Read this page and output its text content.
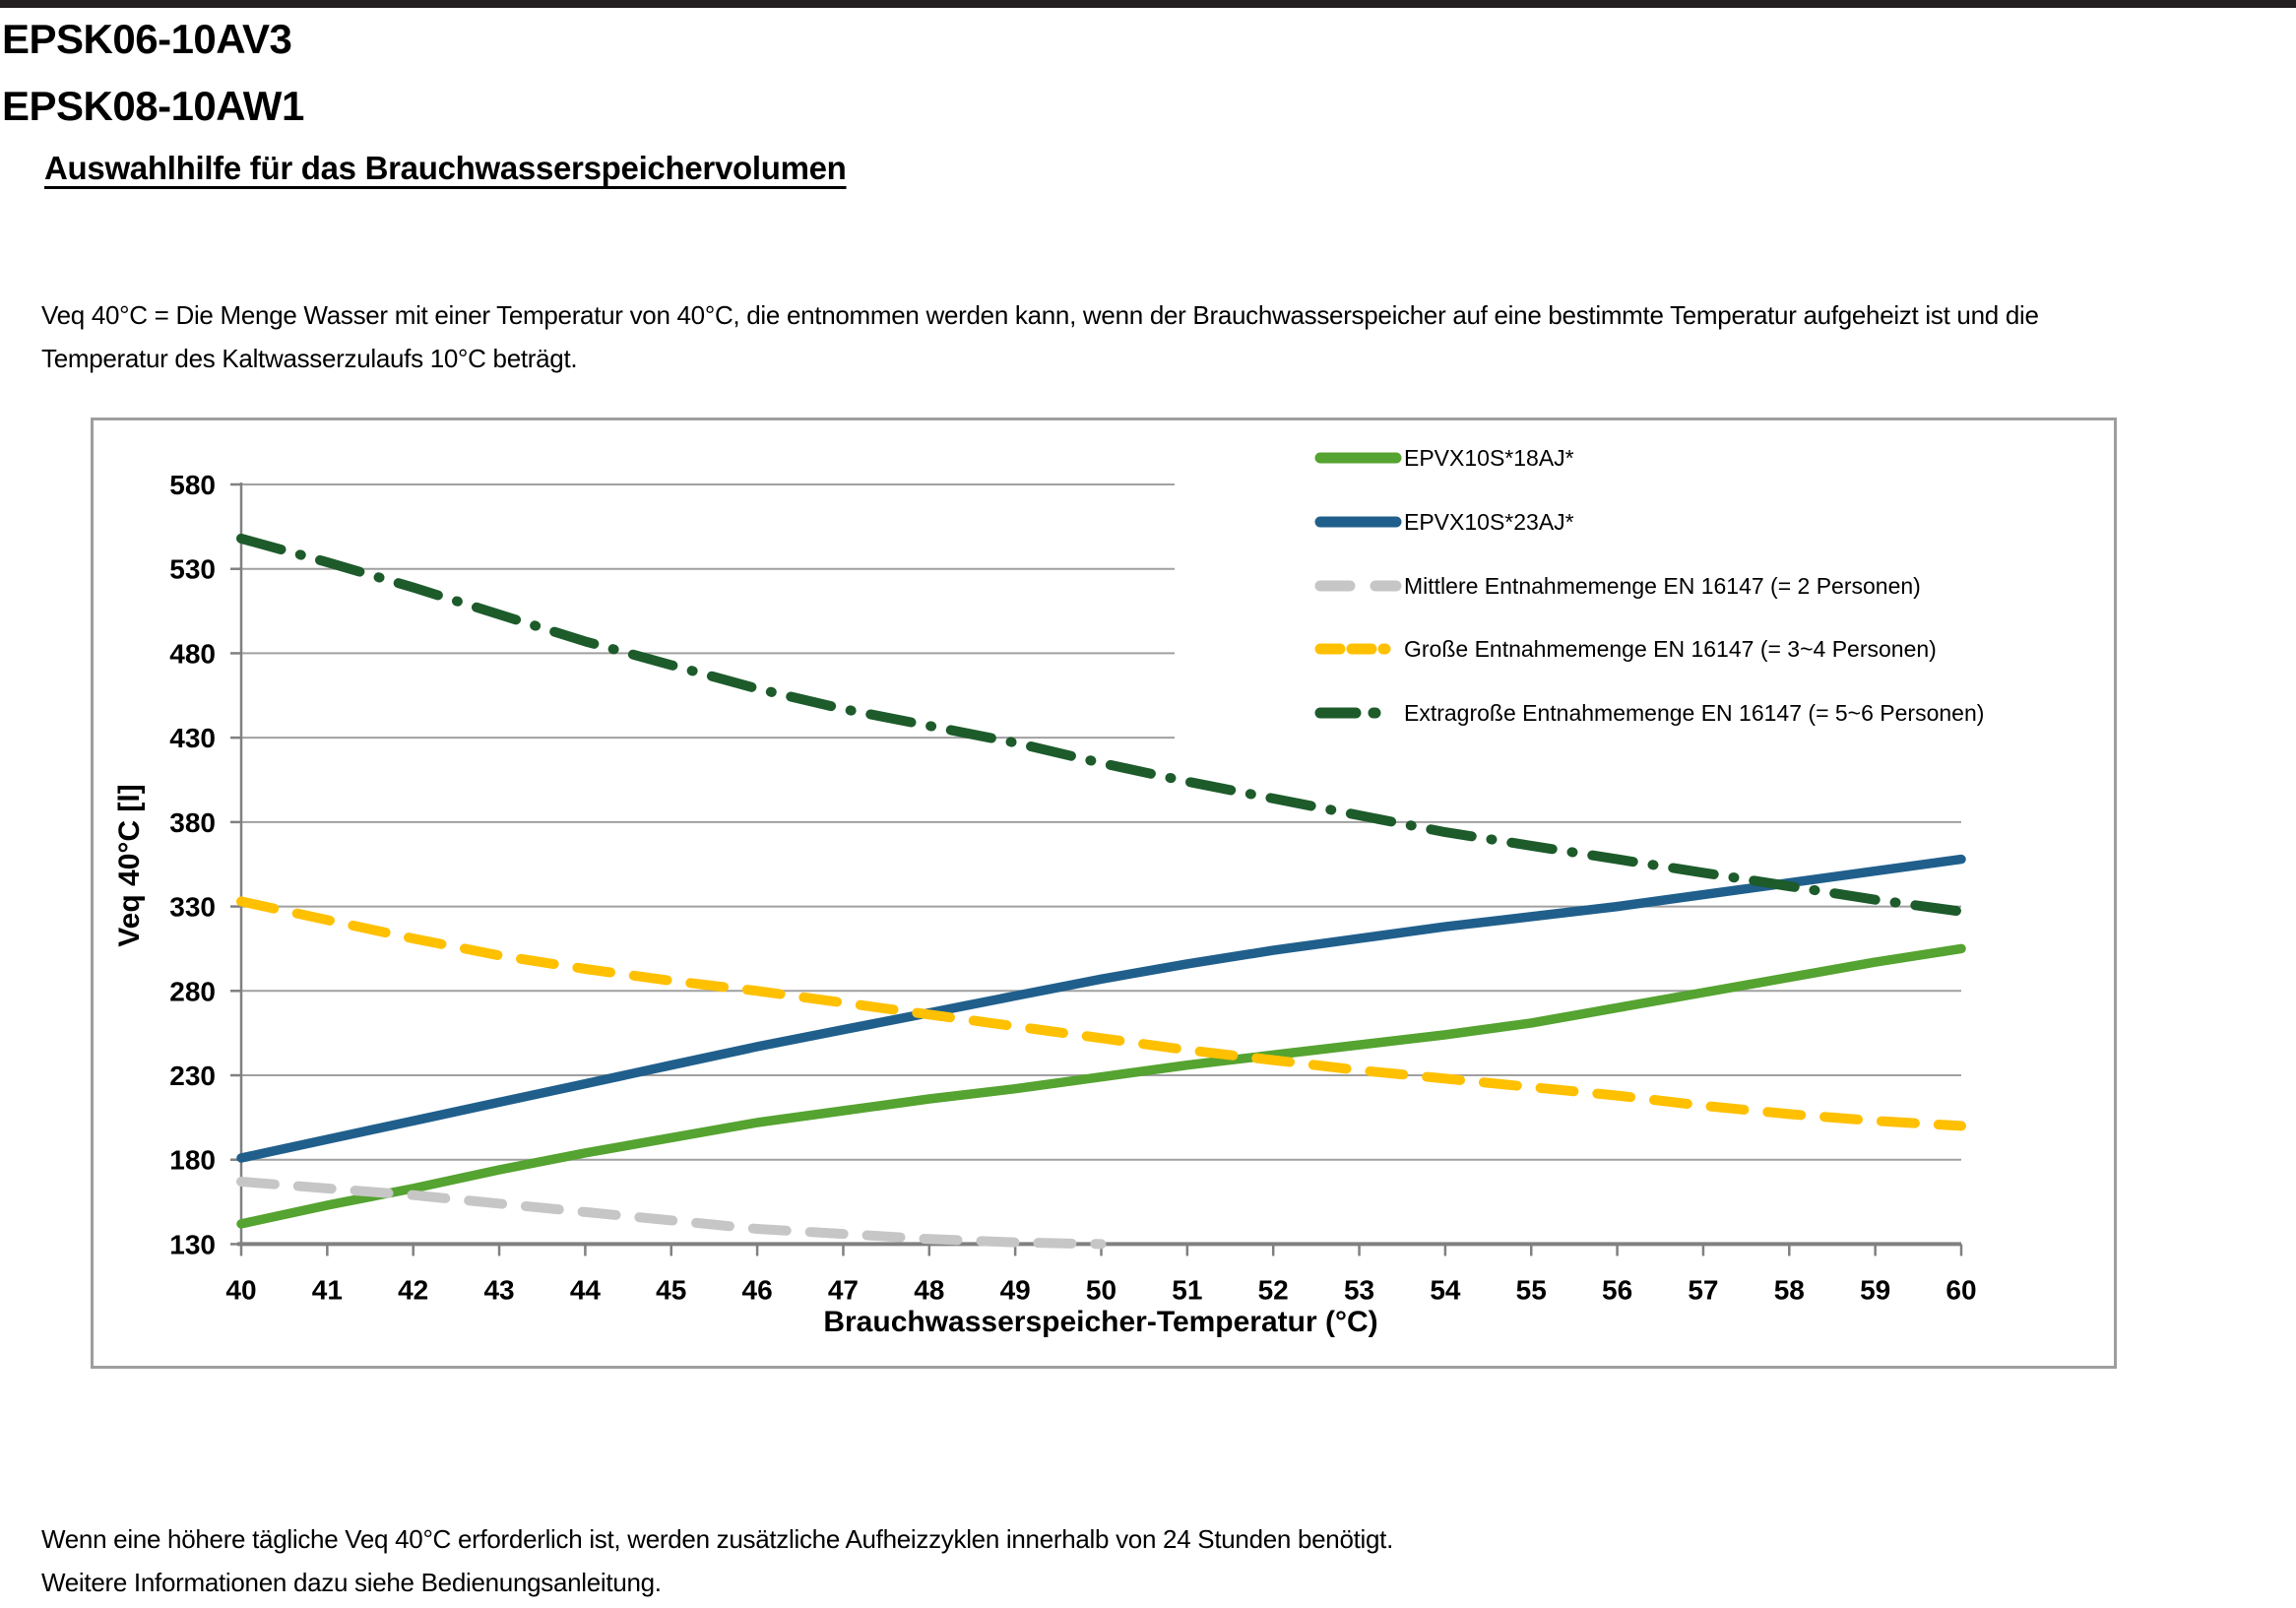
EPSK06-10AV3
EPSK08-10AW1
Auswahlhilfe für das Brauchwasserspeichervolumen
Veq 40°C = Die Menge Wasser mit einer Temperatur von 40°C, die entnommen werden kann, wenn der Brauchwasserspeicher auf eine bestimmte Temperatur aufgeheizt ist und die
Temperatur des Kaltwasserzulaufs 10°C beträgt.
130
180
230
280
330
380
430
480
530
580
40 41 42 43 44 45 46 47 48 49 50 51 52 53 54 55 56 57 58 59 60
Brauchwasserspeicher-Temperatur (°C)
Veq 40°C [l]
EPVX10S*18AJ*
EPVX10S*23AJ*
Mittlere Entnahmemenge EN 16147 (= 2 Personen)
Große Entnahmemenge EN 16147 (= 3~4 Personen)
Extragroße Entnahmemenge EN 16147 (= 5~6 Personen)
Wenn eine höhere tägliche Veq 40°C erforderlich ist, werden zusätzliche Aufheizzyklen innerhalb von 24 Stunden benötigt.
Weitere Informationen dazu siehe Bedienungsanleitung.
